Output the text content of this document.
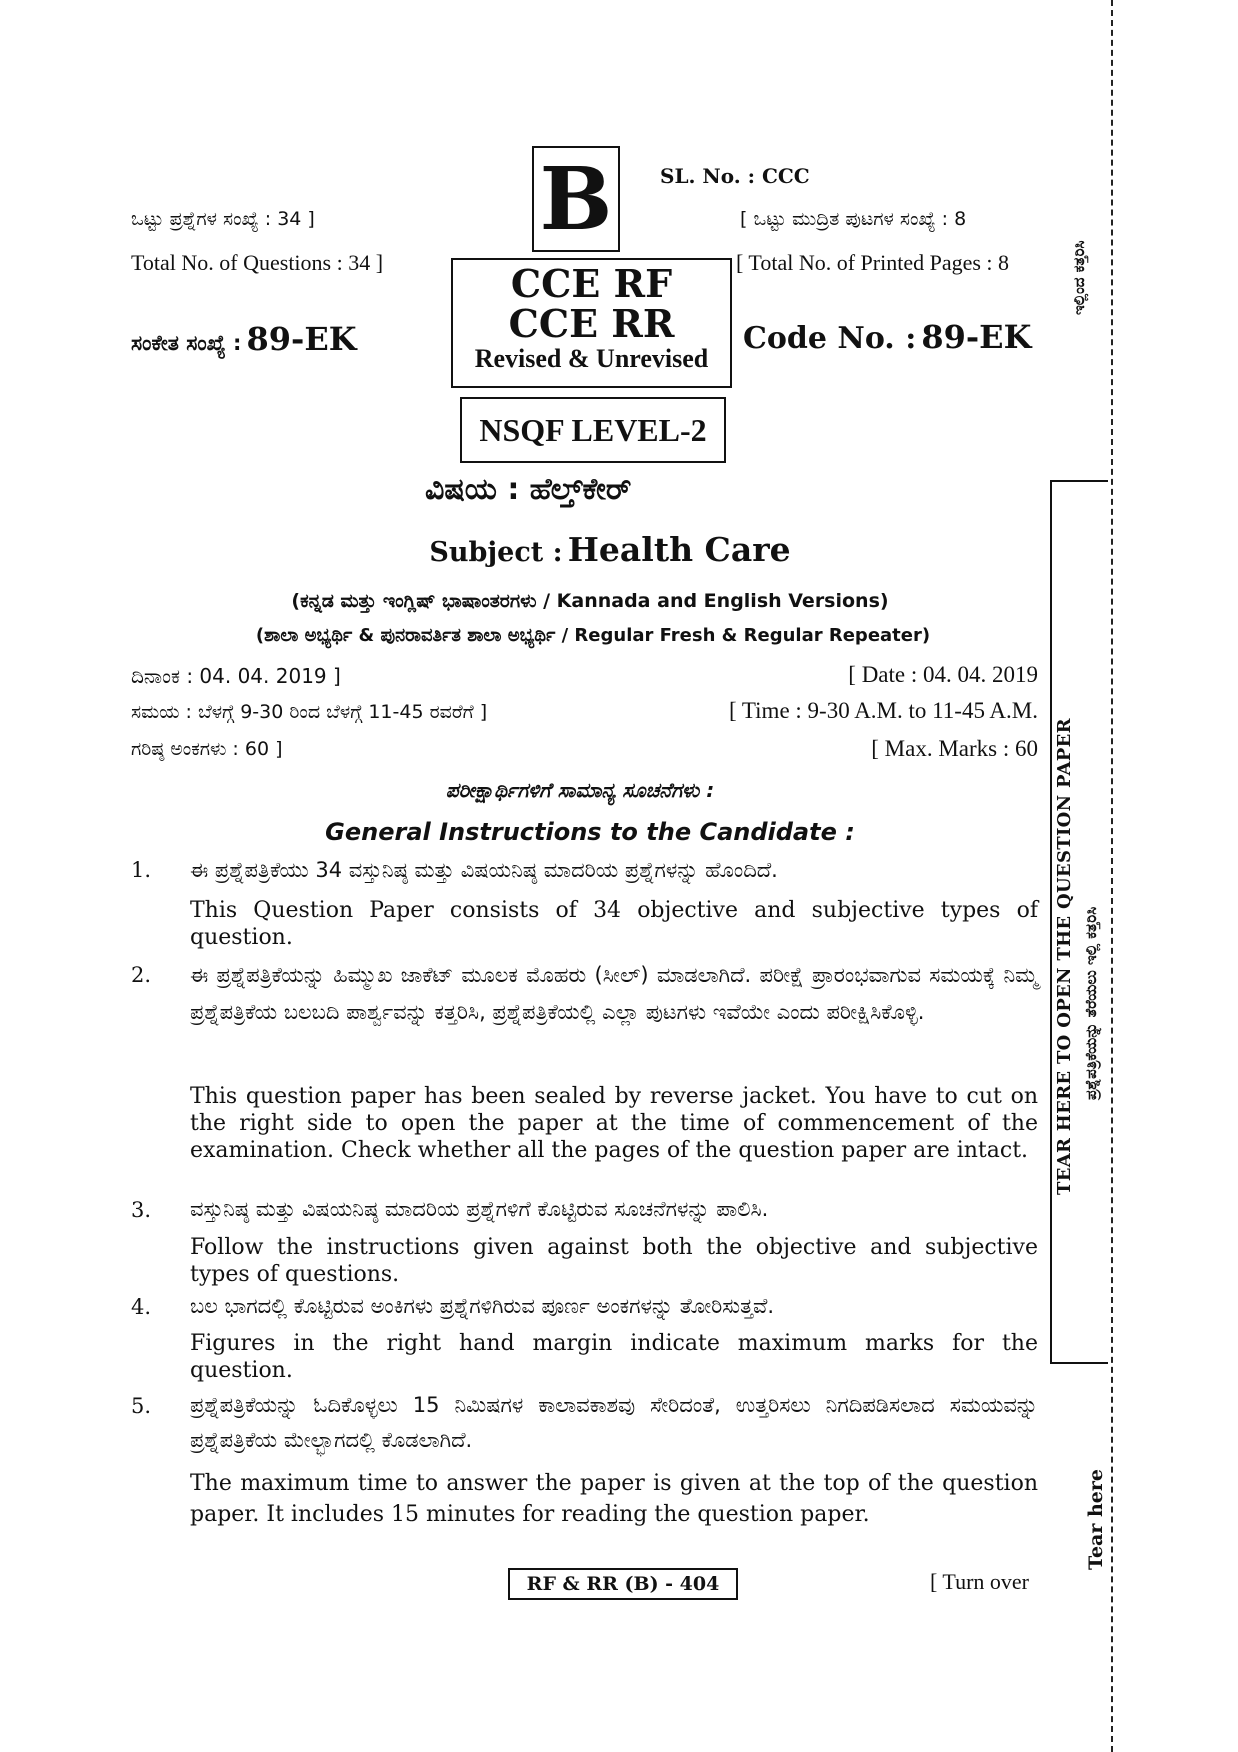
B	SL. No. : CCC
ಒಟ್ಟು ಪ್ರಶ್ನೆಗಳ ಸಂಖ್ಯೆ : 34 ]
Total No. of Questions : 34 ]
[ ಒಟ್ಟು ಮುದ್ರಿತ ಪುಟಗಳ ಸಂಖ್ಯೆ : 8
[ Total No. of Printed Pages : 8
ಸಂಕೇತ ಸಂಖ್ಯೆ : 89-EK	Code No. : 89-EK
CCE RF
CCE RR
Revised & Unrevised
NSQF LEVEL-2
ವಿಷಯ : ಹೆಲ್ತ್‌ಕೇರ್
Subject : Health Care
(ಕನ್ನಡ ಮತ್ತು ಇಂಗ್ಲಿಷ್ ಭಾಷಾಂತರಗಳು / Kannada and English Versions)
(ಶಾಲಾ ಅಭ್ಯರ್ಥಿ & ಪುನರಾವರ್ತಿತ ಶಾಲಾ ಅಭ್ಯರ್ಥಿ / Regular Fresh & Regular Repeater)
ದಿನಾಂಕ : 04. 04. 2019 ]	[ Date : 04. 04. 2019
ಸಮಯ : ಬೆಳಗ್ಗೆ 9-30 ರಿಂದ ಬೆಳಗ್ಗೆ 11-45 ರವರೆಗೆ ]	[ Time : 9-30 A.M. to 11-45 A.M.
ಗರಿಷ್ಠ ಅಂಕಗಳು : 60 ]	[ Max. Marks : 60
ಪರೀಕ್ಷಾರ್ಥಿಗಳಿಗೆ ಸಾಮಾನ್ಯ ಸೂಚನೆಗಳು :
General Instructions to the Candidate :
1. ಈ ಪ್ರಶ್ನೆಪತ್ರಿಕೆಯು 34 ವಸ್ತುನಿಷ್ಠ ಮತ್ತು ವಿಷಯನಿಷ್ಠ ಮಾದರಿಯ ಪ್ರಶ್ನೆಗಳನ್ನು ಹೊಂದಿದೆ.
This Question Paper consists of 34 objective and subjective types of question.
2. ಈ ಪ್ರಶ್ನೆಪತ್ರಿಕೆಯನ್ನು ಹಿಮ್ಮುಖ ಜಾಕೆಟ್ ಮೂಲಕ ಮೊಹರು (ಸೀಲ್) ಮಾಡಲಾಗಿದೆ. ಪರೀಕ್ಷೆ ಪ್ರಾರಂಭವಾಗುವ ಸಮಯಕ್ಕೆ ನಿಮ್ಮ ಪ್ರಶ್ನೆಪತ್ರಿಕೆಯ ಬಲಬದಿ ಪಾರ್ಶ್ವವನ್ನು ಕತ್ತರಿಸಿ, ಪ್ರಶ್ನೆಪತ್ರಿಕೆಯಲ್ಲಿ ಎಲ್ಲಾ ಪುಟಗಳು ಇವೆಯೇ ಎಂದು ಪರೀಕ್ಷಿಸಿಕೊಳ್ಳಿ.
This question paper has been sealed by reverse jacket. You have to cut on the right side to open the paper at the time of commencement of the examination. Check whether all the pages of the question paper are intact.
3. ವಸ್ತುನಿಷ್ಠ ಮತ್ತು ವಿಷಯನಿಷ್ಠ ಮಾದರಿಯ ಪ್ರಶ್ನೆಗಳಿಗೆ ಕೊಟ್ಟಿರುವ ಸೂಚನೆಗಳನ್ನು ಪಾಲಿಸಿ.
Follow the instructions given against both the objective and subjective types of questions.
4. ಬಲ ಭಾಗದಲ್ಲಿ ಕೊಟ್ಟಿರುವ ಅಂಕಿಗಳು ಪ್ರಶ್ನೆಗಳಿಗಿರುವ ಪೂರ್ಣ ಅಂಕಗಳನ್ನು ತೋರಿಸುತ್ತವೆ.
Figures in the right hand margin indicate maximum marks for the question.
5. ಪ್ರಶ್ನೆಪತ್ರಿಕೆಯನ್ನು ಓದಿಕೊಳ್ಳಲು 15 ನಿಮಿಷಗಳ ಕಾಲಾವಕಾಶವು ಸೇರಿದಂತೆ, ಉತ್ತರಿಸಲು ನಿಗದಿಪಡಿಸಲಾದ ಸಮಯವನ್ನು ಪ್ರಶ್ನೆಪತ್ರಿಕೆಯ ಮೇಲ್ಭಾಗದಲ್ಲಿ ಕೊಡಲಾಗಿದೆ.
The maximum time to answer the paper is given at the top of the question paper. It includes 15 minutes for reading the question paper.
RF & RR (B) - 404	[ Turn over
ಇಲ್ಲಿಂದ ಕತ್ತರಿಸಿ
TEAR HERE TO OPEN THE QUESTION PAPER ಪ್ರಶ್ನೆಪತ್ರಿಕೆಯನ್ನು ತೆರೆಯಲು ಇಲ್ಲಿ ಕತ್ತರಿಸಿ
Tear here
